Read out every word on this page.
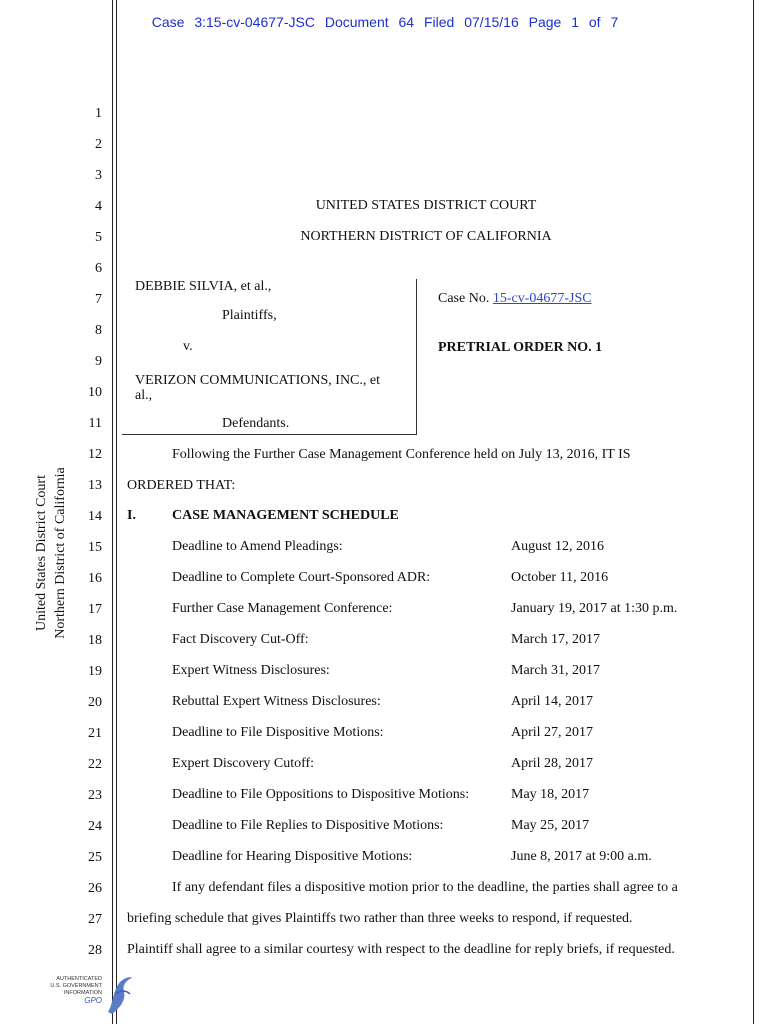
Case 3:15-cv-04677-JSC Document 64 Filed 07/15/16 Page 1 of 7
United States District Court Northern District of California
1
2
3
4
5
6
7
8
9
10
11
12
13
14
15
16
17
18
19
20
21
22
23
24
25
26
27
28
UNITED STATES DISTRICT COURT
NORTHERN DISTRICT OF CALIFORNIA
DEBBIE SILVIA, et al.,
Plaintiffs,
v.
VERIZON COMMUNICATIONS, INC., et
al.,
Defendants.
Case No. 15-cv-04677-JSC
PRETRIAL ORDER NO. 1
Following the Further Case Management Conference held on July 13, 2016, IT IS
ORDERED THAT:
I.	CASE MANAGEMENT SCHEDULE
Deadline to Amend Pleadings:	August 12, 2016
Deadline to Complete Court-Sponsored ADR:	October 11, 2016
Further Case Management Conference:	January 19, 2017 at 1:30 p.m.
Fact Discovery Cut-Off:	March 17, 2017
Expert Witness Disclosures:	March 31, 2017
Rebuttal Expert Witness Disclosures:	April 14, 2017
Deadline to File Dispositive Motions:	April 27, 2017
Expert Discovery Cutoff:	April 28, 2017
Deadline to File Oppositions to Dispositive Motions:	May 18, 2017
Deadline to File Replies to Dispositive Motions:	May 25, 2017
Deadline for Hearing Dispositive Motions:	June 8, 2017 at 9:00 a.m.
If any defendant files a dispositive motion prior to the deadline, the parties shall agree to a
briefing schedule that gives Plaintiffs two rather than three weeks to respond, if requested.
Plaintiff shall agree to a similar courtesy with respect to the deadline for reply briefs, if requested.
AUTHENTICATED
U.S. GOVERNMENT
INFORMATION
GPO
